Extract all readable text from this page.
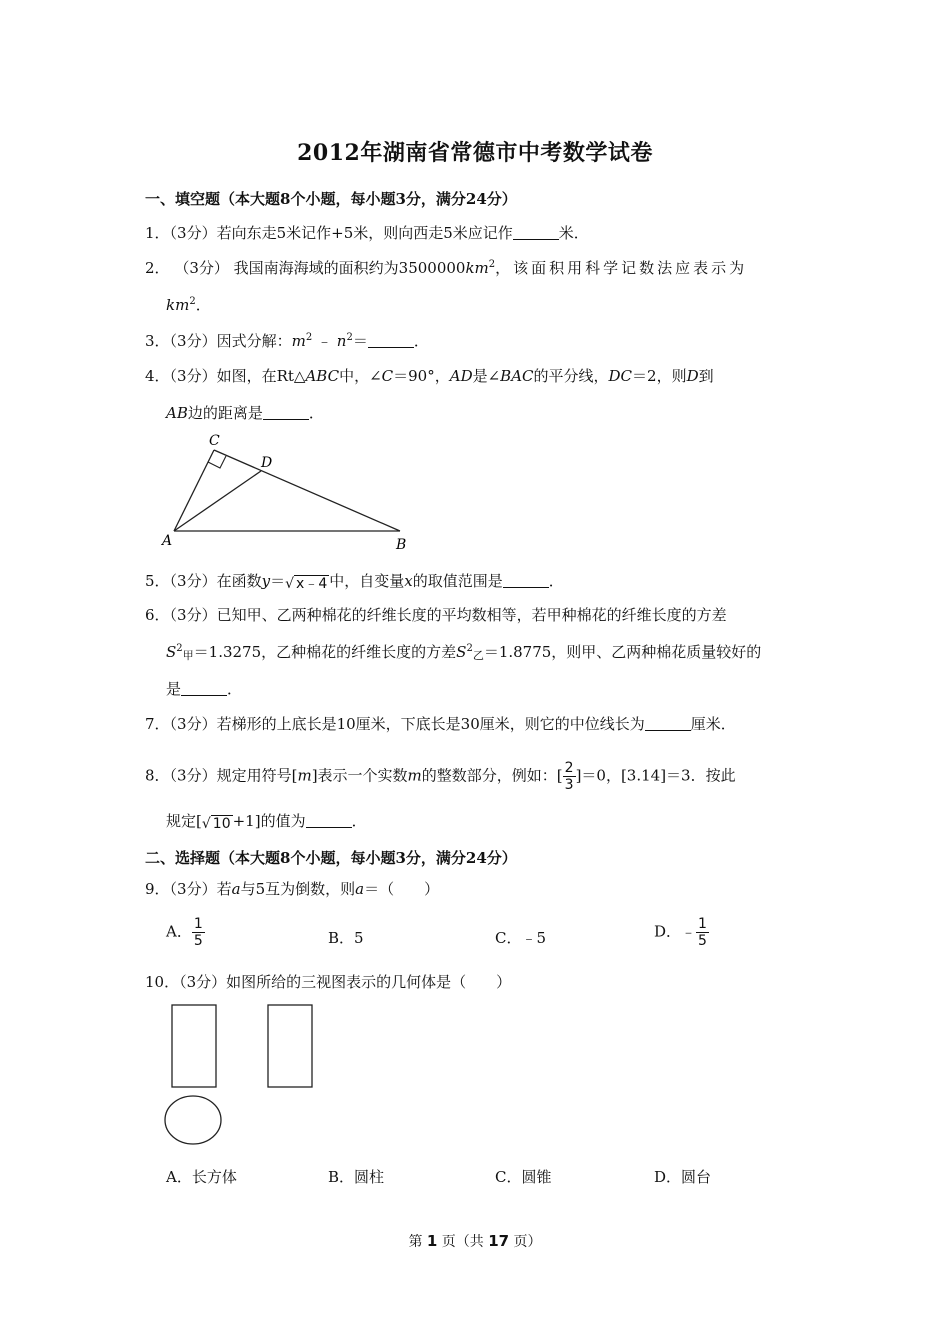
2012年湖南省常德市中考数学试卷
一、填空题（本大题8个小题，每小题3分，满分24分）
1．（3分）若向东走5米记作+5米，则向西走5米应记作	米．
2． （3分） 我国南海海域的面积约为$3500000km^2$，该面积用科学记数法应表示为
$km^2$．
3．（3分）因式分解：$m^2$ ﹣ $n^2=$	．
4．（3分）如图，在Rt△ABC中，∠C＝90°，AD是∠BAC的平分线，DC＝2，则D到
AB边的距离是	．
A	B
C
D
5．（3分）在函数y＝√ x﹣4 中，自变量x的取值范围是	．
6．（3分）已知甲、乙两种棉花的纤维长度的平均数相等，若甲种棉花的纤维长度的方差
$S^2_甲=1.3275$，乙种棉花的纤维长度的方差$S^2_乙=1.8775$，则甲、乙两种棉花质量较好的
是	．
7．（3分）若梯形的上底长是10厘米，下底长是30厘米，则它的中位线长为	厘米．
8．（3分）规定用符号[m]表示一个实数m的整数部分，例如：[ $\frac{2}{3} ]=0$，[3.14]＝3．按此
规定[√ 10 +1]的值为	．
二、选择题（本大题8个小题，每小题3分，满分24分）
9．（3分）若a与5互为倒数，则a＝（　　）
A． $\frac{1}{5}$	B．5	C．﹣5	D．﹣ $\frac{1}{5}$
10．（3分）如图所给的三视图表示的几何体是（　　）
A．长方体	B．圆柱	C．圆锥	D．圆台
第 1 页（共 17 页）
